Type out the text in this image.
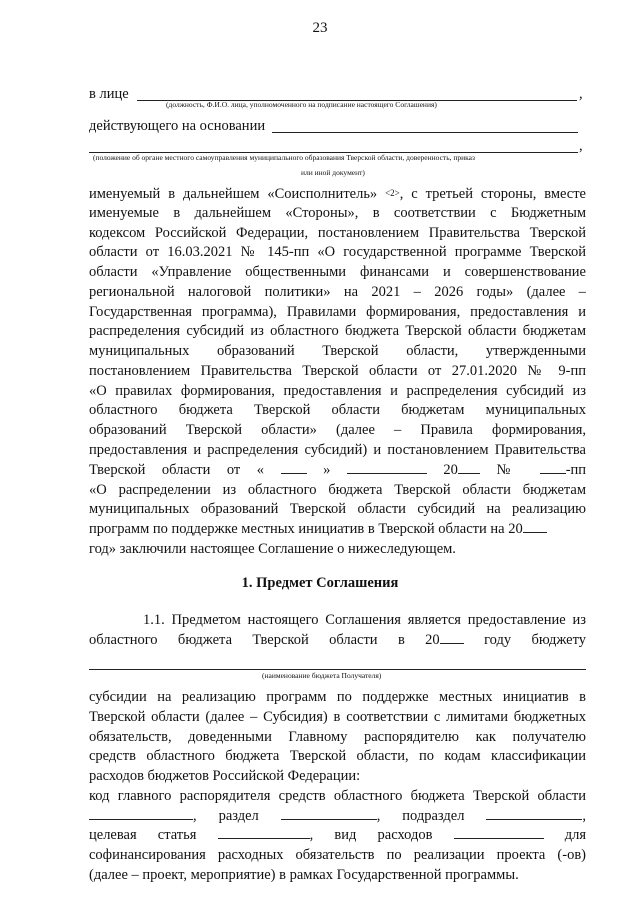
23
в лице	,
(должность, Ф.И.О. лица, уполномоченного на подписание настоящего Соглашения)
действующего на основании
,
(положение об органе местного самоуправления муниципального образования Тверской области, доверенность, приказ
или иной документ)
именуемый в дальнейшем «Соисполнитель» $^{<2>}$, с третьей стороны, вместе
именуемые в дальнейшем «Стороны», в соответствии с Бюджетным
кодексом Российской Федерации, постановлением Правительства Тверской
области от 16.03.2021 № 145-пп «О государственной программе Тверской
области «Управление общественными финансами и совершенствование
региональной налоговой политики» на 2021 – 2026 годы» (далее –
Государственная программа), Правилами формирования, предоставления и
распределения субсидий из областного бюджета Тверской области бюджетам
муниципальных образований Тверской области, утвержденными
постановлением Правительства Тверской области от 27.01.2020 № 9-пп
«О правилах формирования, предоставления и распределения субсидий из
областного бюджета Тверской области бюджетам муниципальных
образований Тверской области» (далее – Правила формирования,
предоставления и распределения субсидий) и постановлением Правительства
Тверской области от «	»	20	№	-пп
«О распределении из областного бюджета Тверской области бюджетам
муниципальных образований Тверской области субсидий на реализацию
программ по поддержке местных инициатив в Тверской области на 20
год» заключили настоящее Соглашение о нижеследующем.
1. Предмет Соглашения
1.1. Предметом настоящего Соглашения является предоставление из
областного бюджета Тверской области в 20	году бюджету
(наименование бюджета Получателя)
субсидии на реализацию программ по поддержке местных инициатив в
Тверской области (далее – Субсидия) в соответствии с лимитами бюджетных
обязательств, доведенными Главному распорядителю как получателю
средств областного бюджета Тверской области, по кодам классификации
расходов бюджетов Российской Федерации:
код главного распорядителя средств областного бюджета Тверской области
, раздел	, подраздел	,
целевая статья	, вид расходов	для
софинансирования расходных обязательств по реализации проекта (-ов)
(далее – проект, мероприятие) в рамках Государственной программы.
